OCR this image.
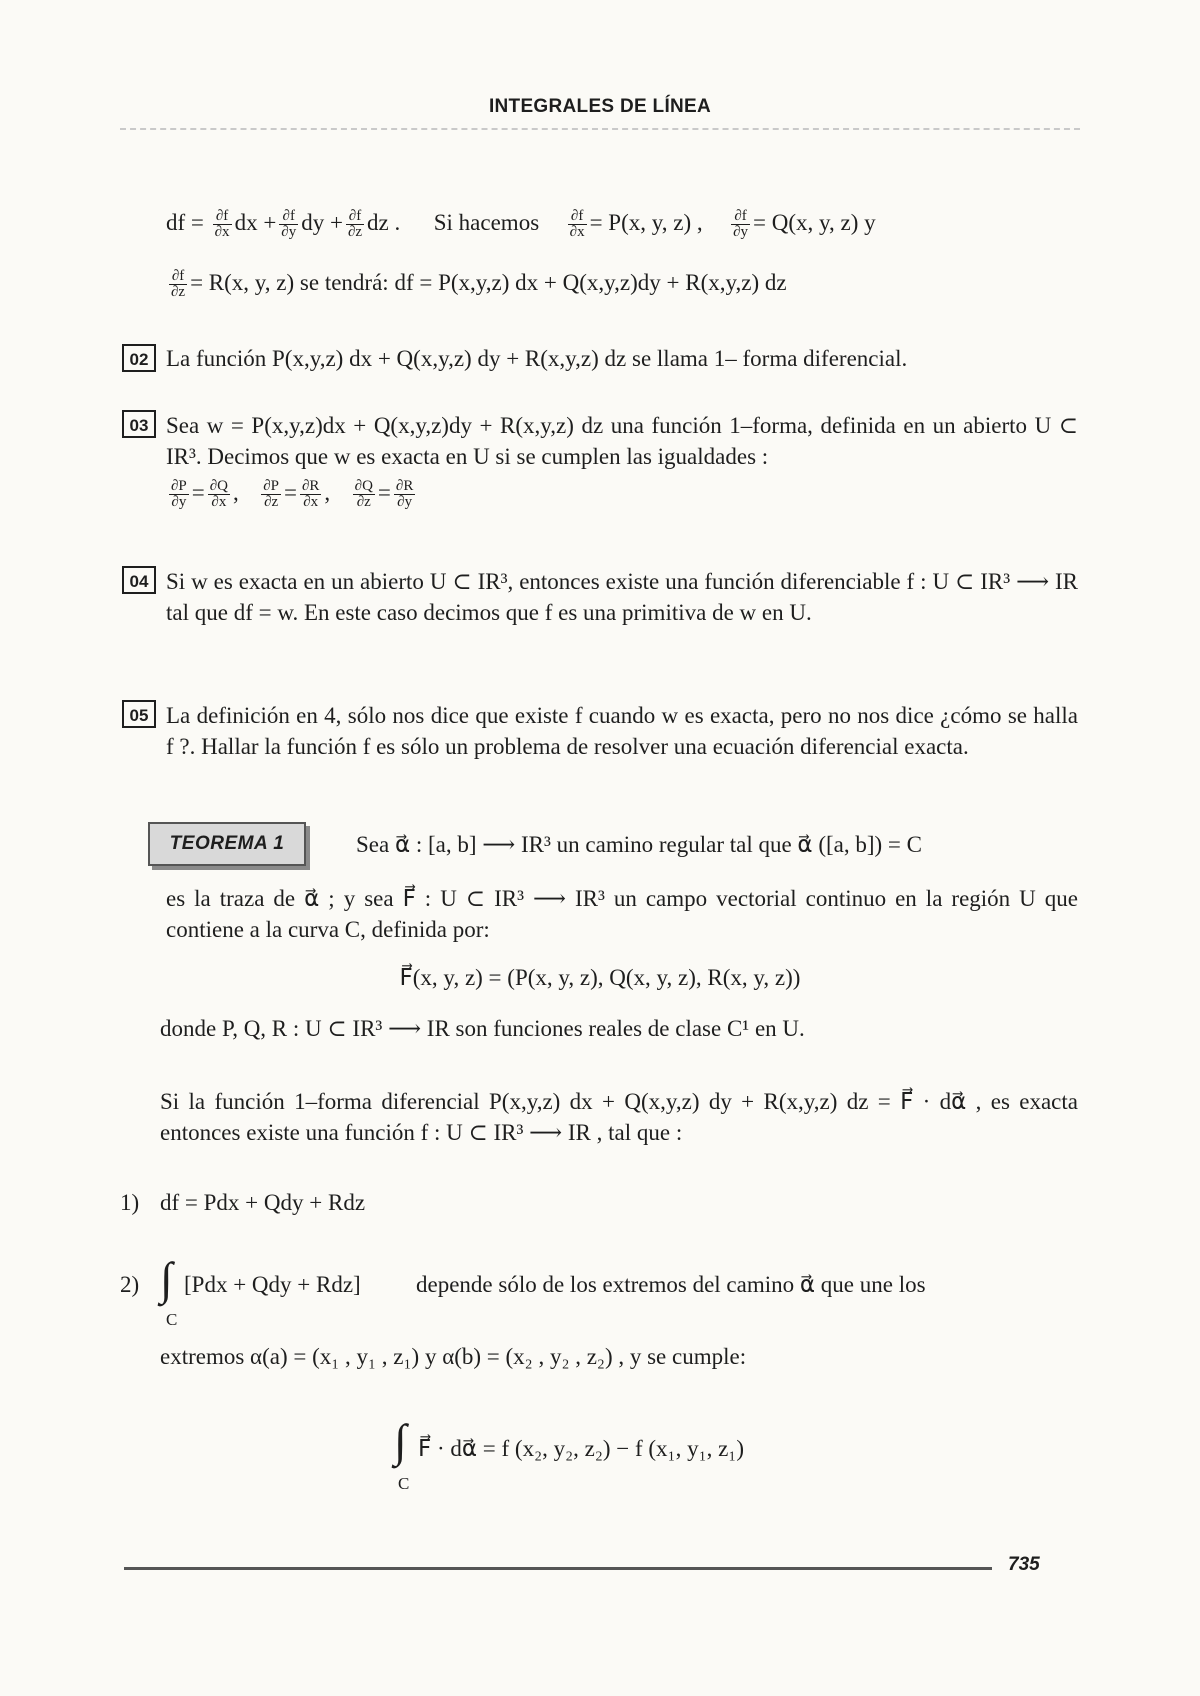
INTEGRALES DE LÍNEA
df = $\frac{\partial f}{\partial x}$ dx + $\frac{\partial f}{\partial y}$ dy + $\frac{\partial f}{\partial z}$ dz . Si hacemos $\frac{\partial f}{\partial x} = P(x$, y, z) , $\frac{\partial f}{\partial y} = Q(x$, y, z) y
$\frac{\partial f}{\partial z} = R(x$, y, z) se tendrá: df = P(x,y,z) dx + Q(x,y,z)dy + R(x,y,z) dz
02 La función P(x,y,z) dx + Q(x,y,z) dy + R(x,y,z) dz se llama 1– forma diferencial.
03 Sea w = P(x,y,z)dx + Q(x,y,z)dy + R(x,y,z) dz una función 1–forma, definida en un abierto U ⊂ IR³. Decimos que w es exacta en U si se cumplen las igualdades :
$\frac{\partial P}{\partial y} = \frac{\partial Q}{\partial x}$ , $\frac{\partial P}{\partial z} = \frac{\partial R}{\partial x}$ , $\frac{\partial Q}{\partial z} = \frac{\partial R}{\partial y}$
04 Si w es exacta en un abierto U ⊂ IR³, entonces existe una función diferenciable f : U ⊂ IR³ ⟶ IR tal que df = w. En este caso decimos que f es una primitiva de w en U.
05 La definición en 4, sólo nos dice que existe f cuando w es exacta, pero no nos dice ¿cómo se halla f ?. Hallar la función f es sólo un problema de resolver una ecuación diferencial exacta.
TEOREMA 1	Sea α⃗ : [a, b] ⟶ IR³ un camino regular tal que α⃗ ([a, b]) = C
es la traza de α⃗ ; y sea F⃗ : U ⊂ IR³ ⟶ IR³ un campo vectorial continuo en la región U que contiene a la curva C, definida por:
F⃗(x, y, z) = (P(x, y, z), Q(x, y, z), R(x, y, z))
donde P, Q, R : U ⊂ IR³ ⟶ IR son funciones reales de clase C¹ en U.
Si la función 1–forma diferencial P(x,y,z) dx + Q(x,y,z) dy + R(x,y,z) dz = F⃗ · dα⃗ , es exacta entonces existe una función f : U ⊂ IR³ ⟶ IR , tal que :
1) df = Pdx + Qdy + Rdz
2) ∫
C
[Pdx + Qdy + Rdz] depende sólo de los extremos del camino α⃗ que une los
extremos α(a) = (x₁ , y₁ , z₁) y α(b) = (x₂ , y₂ , z₂) , y se cumple:
∫
C
F⃗ · dα⃗ = f (x₂, y₂, z₂) − f (x₁, y₁, z₁)
735
